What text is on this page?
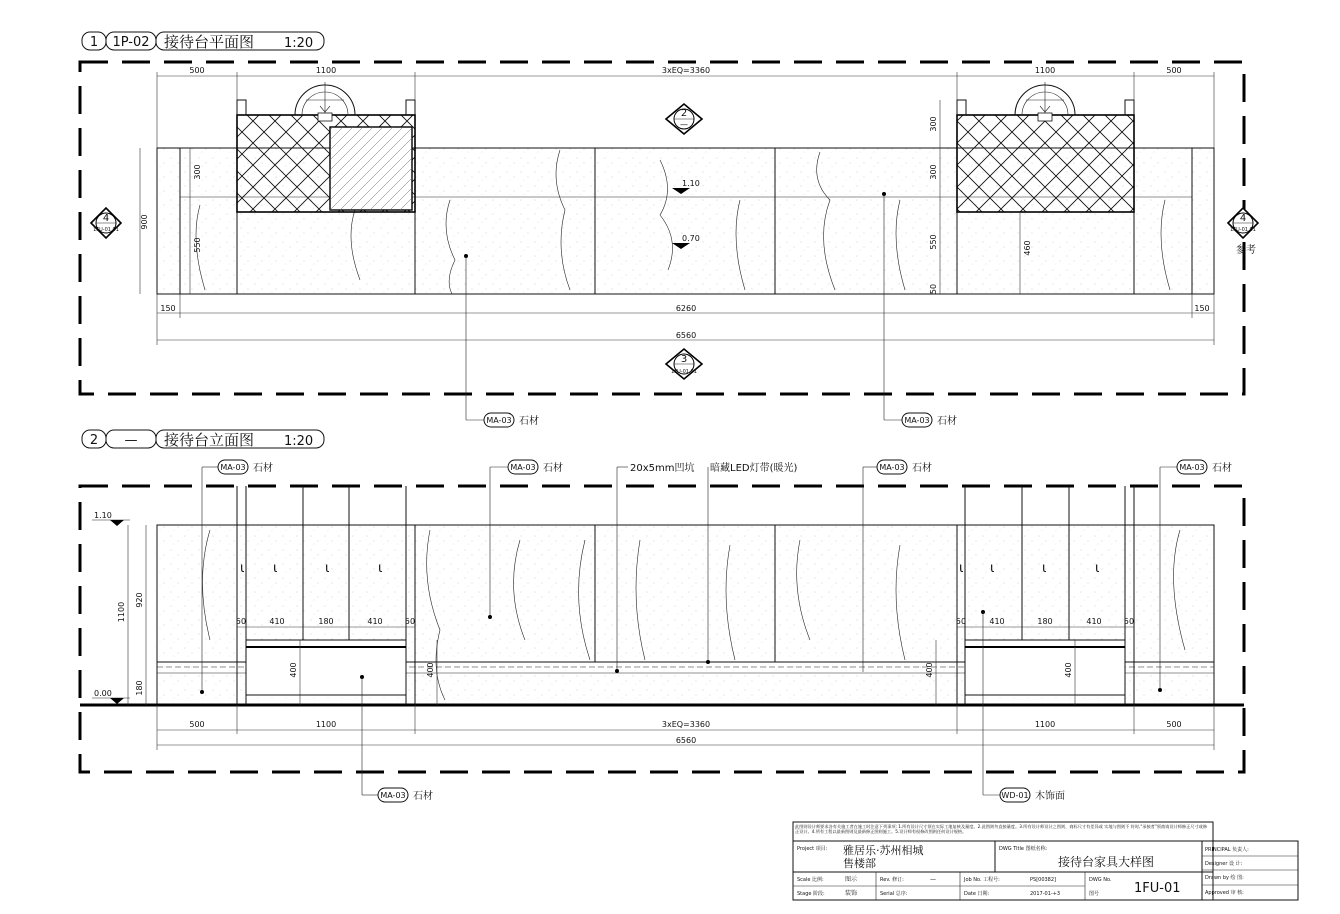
1 1P-02 接待台平面图 1:20
500	1100	3xEQ=3360	1100	500
900
300
550
300
300
550
50
460
150	6260	150
6560
1.10
0.70
2
—
3
1FU-01.01
4
1FU-01.01
4
1FU-01.01
参考
MA-03 石材	MA-03 石材
2 — 接待台立面图 1:20
ι ι	ι	ι	ι ι	ι	ι
MA-03 石材	MA-03 石材	20x5mm凹坑 暗藏LED灯带(暖光)	MA-03 石材	MA-03 石材
1.10
0.00
1100
920
180
50	410	180	410	50	50	410	180	410	50
400	400	400	400
500	1100	3xEQ=3360	1100	500
6560
MA-03 石材	WD-01 木饰面
此图则设计师要求各有关施工者在施工时注意下列事项: 1.所有设计尺寸须在实际工地复核及量度。2.此图则勿直接量度。3.所有设计师设计之图则、商标尺寸有差异或 实地与图则不 符时,"承接者"须商请设计师修正尺寸或修正设计。4.所有工程以最新图则及最新修正图则施工。5.设计师有权修改图则任何设计规格。
Project 项目: 雅居乐·苏州相城
售楼部
DWG Title 图纸名称:
接待台家具大样图
Scale 比例:	图示	Rev. 修订:	—	Job No. 工程号:	PS[00382]
Stage 阶段:	装饰	Serial 总序:	Date 日期:	2017-01-+3
DWG No.
图号	1FU-01
PRINCIPAL 负责人:
Designer 设 计:
Drawn by 绘 图:
Approved 审 核:
